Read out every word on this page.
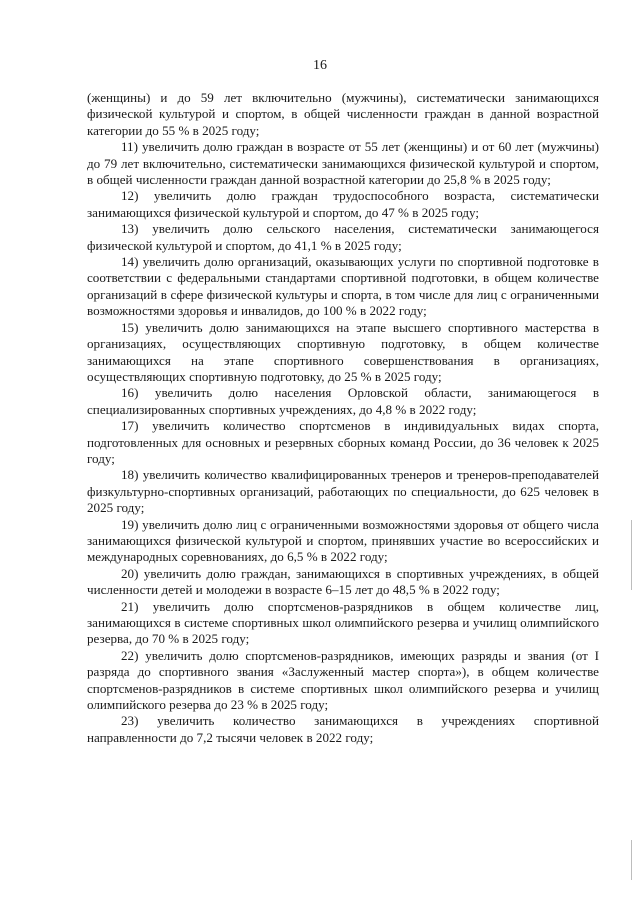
16

(женщины) и до 59 лет включительно (мужчины), систематически занимающихся физической культурой и спортом, в общей численности граждан в данной возрастной категории до 55 % в 2025 году;

11) увеличить долю граждан в возрасте от 55 лет (женщины) и от 60 лет (мужчины) до 79 лет включительно, систематически занимающихся физической культурой и спортом, в общей численности граждан данной возрастной категории до 25,8 % в 2025 году;

12) увеличить долю граждан трудоспособного возраста, систематически занимающихся физической культурой и спортом, до 47 % в 2025 году;

13) увеличить долю сельского населения, систематически занимающегося физической культурой и спортом, до 41,1 % в 2025 году;

14) увеличить долю организаций, оказывающих услуги по спортивной подготовке в соответствии с федеральными стандартами спортивной подготовки, в общем количестве организаций в сфере физической культуры и спорта, в том числе для лиц с ограниченными возможностями здоровья и инвалидов, до 100 % в 2022 году;

15) увеличить долю занимающихся на этапе высшего спортивного мастерства в организациях, осуществляющих спортивную подготовку, в общем количестве занимающихся на этапе спортивного совершенствования в организациях, осуществляющих спортивную подготовку, до 25 % в 2025 году;

16) увеличить долю населения Орловской области, занимающегося в специализированных спортивных учреждениях, до 4,8 % в 2022 году;

17) увеличить количество спортсменов в индивидуальных видах спорта, подготовленных для основных и резервных сборных команд России, до 36 человек к 2025 году;

18) увеличить количество квалифицированных тренеров и тренеров-преподавателей физкультурно-спортивных организаций, работающих по специальности, до 625 человек в 2025 году;

19) увеличить долю лиц с ограниченными возможностями здоровья от общего числа занимающихся физической культурой и спортом, принявших участие во всероссийских и международных соревнованиях, до 6,5 % в 2022 году;

20) увеличить долю граждан, занимающихся в спортивных учреждениях, в общей численности детей и молодежи в возрасте 6–15 лет до 48,5 % в 2022 году;

21) увеличить долю спортсменов-разрядников в общем количестве лиц, занимающихся в системе спортивных школ олимпийского резерва и училищ олимпийского резерва, до 70 % в 2025 году;

22) увеличить долю спортсменов-разрядников, имеющих разряды и звания (от I разряда до спортивного звания «Заслуженный мастер спорта»), в общем количестве спортсменов-разрядников в системе спортивных школ олимпийского резерва и училищ олимпийского резерва до 23 % в 2025 году;

23) увеличить количество занимающихся в учреждениях спортивной направленности до 7,2 тысячи человек в 2022 году;
